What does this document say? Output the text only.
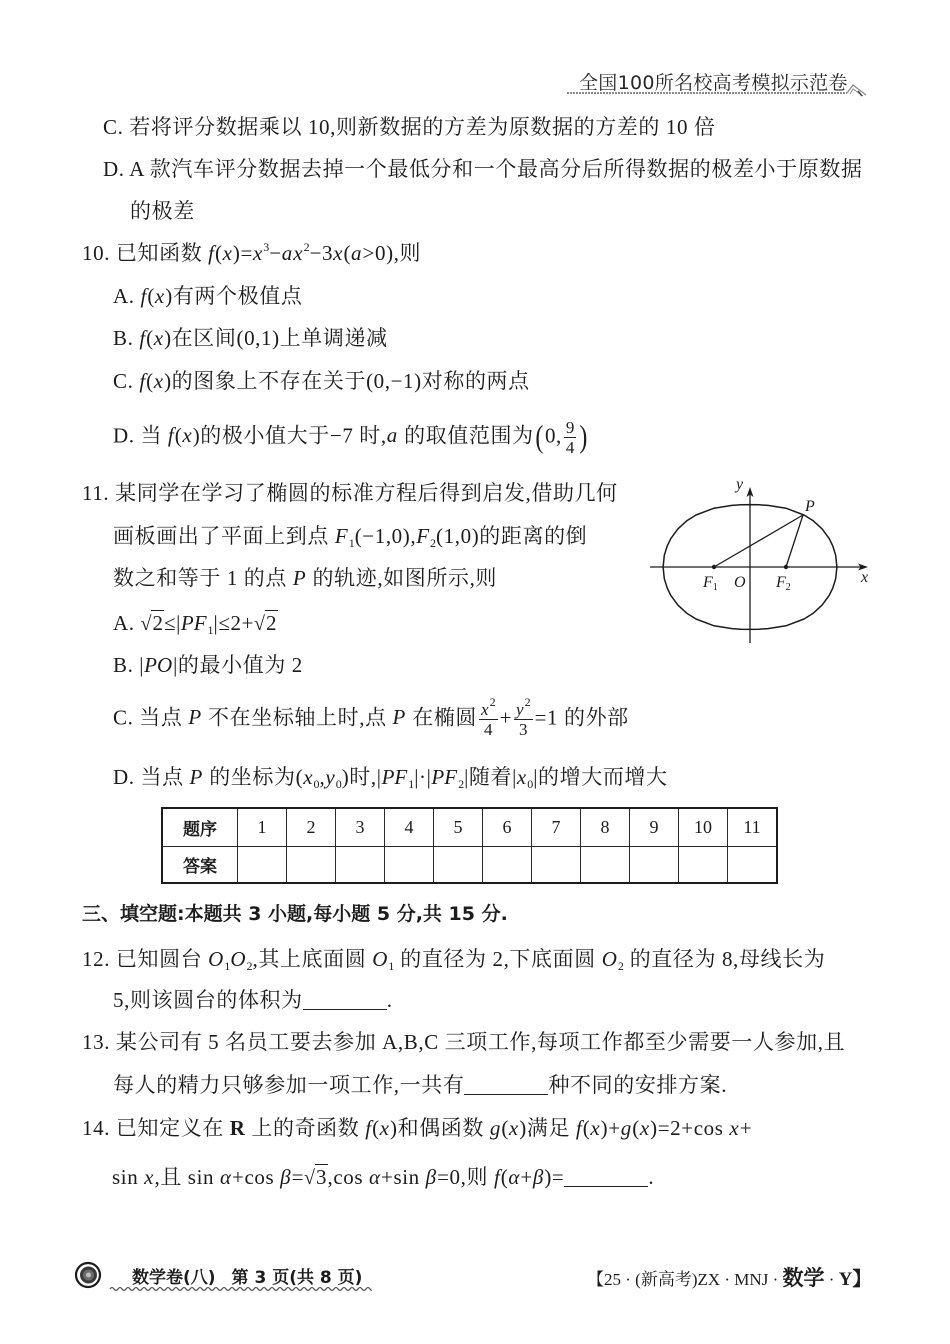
全国100所名校高考模拟示范卷
C. 若将评分数据乘以 10,则新数据的方差为原数据的方差的 10 倍
D. A 款汽车评分数据去掉一个最低分和一个最高分后所得数据的极差小于原数据
的极差
10. 已知函数 $f(x)=x^3-ax^2-3x(a>0)$,则
A. f(x)有两个极值点
B. f(x)在区间(0,1)上单调递减
C. f(x)的图象上不存在关于(0,−1)对称的两点
D. 当 f(x)的极小值大于−7 时,a 的取值范围为(0, $\frac{9}{4}$ )
11. 某同学在学习了椭圆的标准方程后得到启发,借助几何
画板画出了平面上到点 $F_1(-1,0),F_2(1,0)$的距离的倒
数之和等于 1 的点 P 的轨迹,如图所示,则
A. $√2\le|PF_1|\le 2+√2$
B. |PO|的最小值为 2
C. 当点 P 不在坐标轴上时,点 P 在椭圆 $\frac{x^2}{4} + \frac{y^2}{3} =1$ 的外部
D. 当点 P 的坐标为$(x_0,y_0)$时$,|PF_1|\cdot|PF_2|$随着$|x_0|$的增大而增大
y
x
P
O
F1	F2
题序	1	2	3	4	5	6	7	8	9	10	11
答案											
三、填空题:本题共 3 小题,每小题 5 分,共 15 分.
12. 已知圆台 $O_1O_2$,其上底面圆 $O_1$ 的直径为 2,下底面圆 $O_2$ 的直径为 8,母线长为
5,则该圆台的体积为	.
13. 某公司有 5 名员工要去参加 A,B,C 三项工作,每项工作都至少需要一人参加,且
每人的精力只够参加一项工作,一共有	种不同的安排方案.
14. 已知定义在 R 上的奇函数 f(x)和偶函数 g(x)满足 f(x)+g(x)=2+cos x+
sin x,且 sin α+cos β=√3,cos α+sin β=0,则 f(α+β)=	.
数学卷(八) 第 3 页(共 8 页)	【25 · (新高考)ZX · MNJ · 数学 · Y】
